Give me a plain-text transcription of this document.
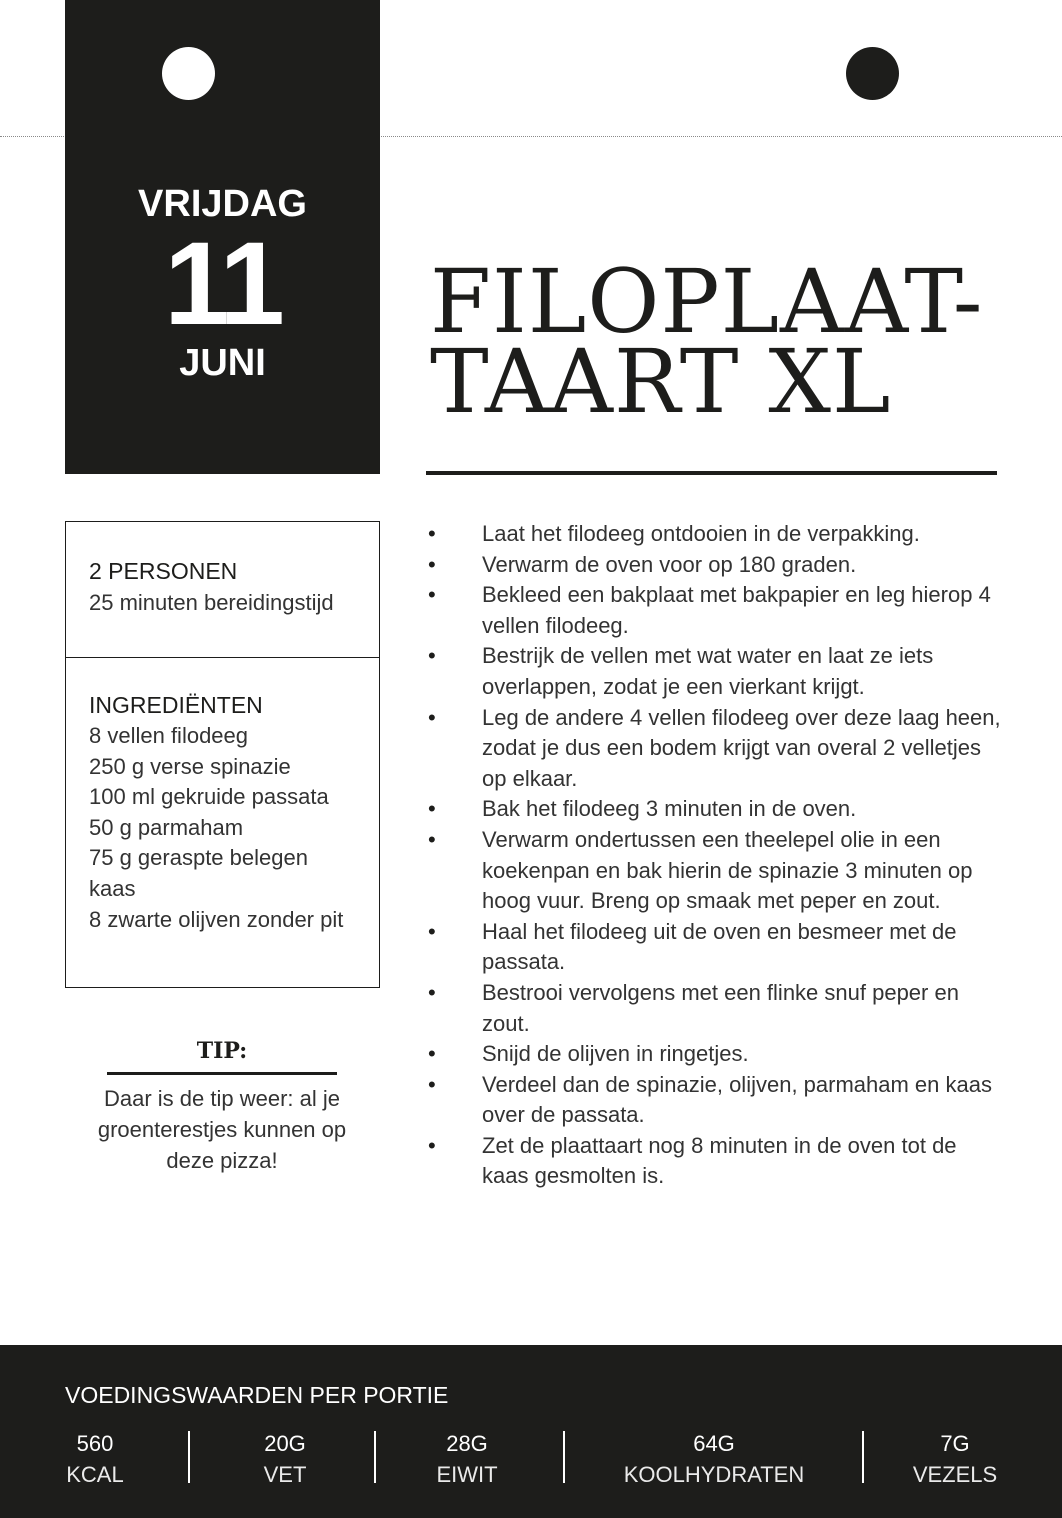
VRIJDAG
11
JUNI
FILOPLAAT-
TAART XL
2 PERSONEN
25 minuten bereidingstijd
INGREDIËNTEN
8 vellen filodeeg
250 g verse spinazie
100 ml gekruide passata
50 g parmaham
75 g geraspte belegen kaas
8 zwarte olijven zonder pit
TIP:
Daar is de tip weer: al je groenterestjes kunnen op deze pizza!
• Laat het filodeeg ontdooien in de verpakking.
• Verwarm de oven voor op 180 graden.
• Bekleed een bakplaat met bakpapier en leg hierop 4 vellen filodeeg.
• Bestrijk de vellen met wat water en laat ze iets overlappen, zodat je een vierkant krijgt.
• Leg de andere 4 vellen filodeeg over deze laag heen, zodat je dus een bodem krijgt van overal 2 velletjes op elkaar.
• Bak het filodeeg 3 minuten in de oven.
• Verwarm ondertussen een theelepel olie in een koekenpan en bak hierin de spinazie 3 minuten op hoog vuur. Breng op smaak met peper en zout.
• Haal het filodeeg uit de oven en besmeer met de passata.
• Bestrooi vervolgens met een flinke snuf peper en zout.
• Snijd de olijven in ringetjes.
• Verdeel dan de spinazie, olijven, parmaham en kaas over de passata.
• Zet de plaattaart nog 8 minuten in de oven tot de kaas gesmolten is.
VOEDINGSWAARDEN PER PORTIE
560
KCAL
20G
VET
28G
EIWIT
64G
KOOLHYDRATEN
7G
VEZELS
